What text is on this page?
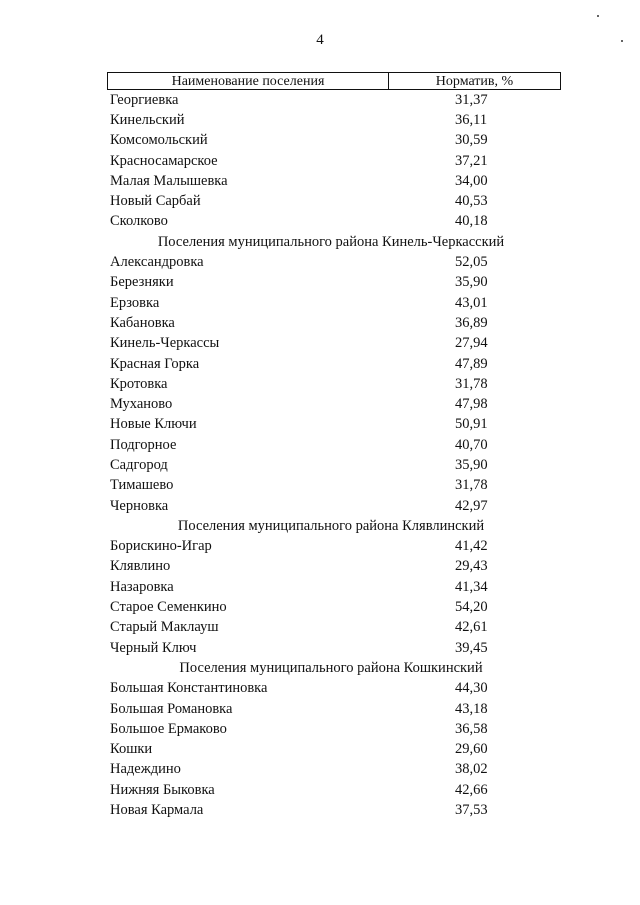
4
Наименование поселения	Норматив, %
Георгиевка	31,37
Кинельский	36,11
Комсомольский	30,59
Красносамарское	37,21
Малая Малышевка	34,00
Новый Сарбай	40,53
Сколково	40,18
Поселения муниципального района Кинель-Черкасский
Александровка	52,05
Березняки	35,90
Ерзовка	43,01
Кабановка	36,89
Кинель-Черкассы	27,94
Красная Горка	47,89
Кротовка	31,78
Муханово	47,98
Новые Ключи	50,91
Подгорное	40,70
Садгород	35,90
Тимашево	31,78
Черновка	42,97
Поселения муниципального района Клявлинский
Борискино-Игар	41,42
Клявлино	29,43
Назаровка	41,34
Старое Семенкино	54,20
Старый Маклауш	42,61
Черный Ключ	39,45
Поселения муниципального района Кошкинский
Большая Константиновка	44,30
Большая Романовка	43,18
Большое Ермаково	36,58
Кошки	29,60
Надеждино	38,02
Нижняя Быковка	42,66
Новая Кармала	37,53
